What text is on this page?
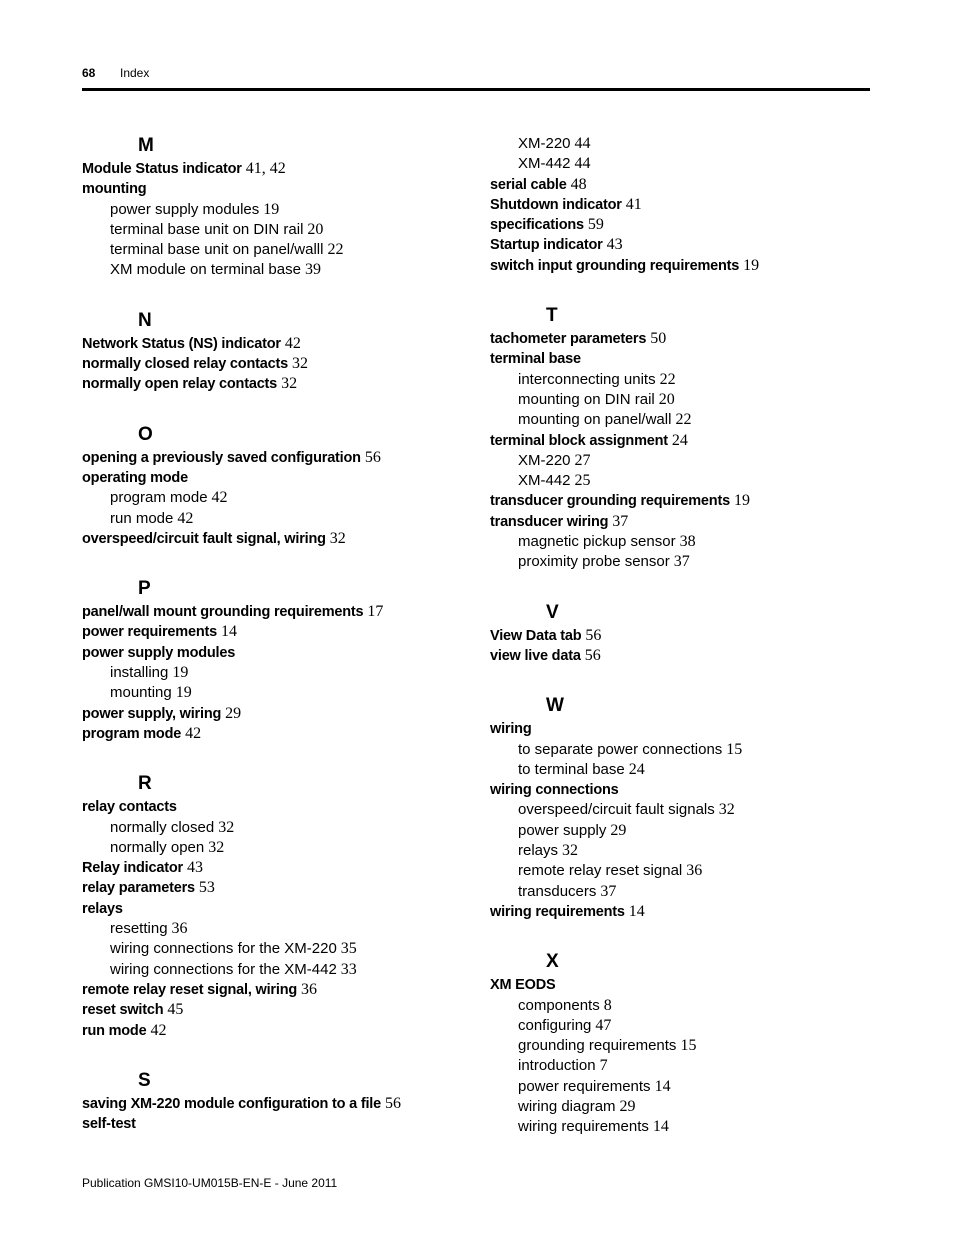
68 Index
M
Module Status indicator 41, 42
mounting
power supply modules 19
terminal base unit on DIN rail 20
terminal base unit on panel/walll 22
XM module on terminal base 39
N
Network Status (NS) indicator 42
normally closed relay contacts 32
normally open relay contacts 32
O
opening a previously saved configuration 56
operating mode
program mode 42
run mode 42
overspeed/circuit fault signal, wiring 32
P
panel/wall mount grounding requirements 17
power requirements 14
power supply modules
installing 19
mounting 19
power supply, wiring 29
program mode 42
R
relay contacts
normally closed 32
normally open 32
Relay indicator 43
relay parameters 53
relays
resetting 36
wiring connections for the XM-220 35
wiring connections for the XM-442 33
remote relay reset signal, wiring 36
reset switch 45
run mode 42
S
saving XM-220 module configuration to a file 56
self-test
XM-220 44
XM-442 44
serial cable 48
Shutdown indicator 41
specifications 59
Startup indicator 43
switch input grounding requirements 19
T
tachometer parameters 50
terminal base
interconnecting units 22
mounting on DIN rail 20
mounting on panel/wall 22
terminal block assignment 24
XM-220 27
XM-442 25
transducer grounding requirements 19
transducer wiring 37
magnetic pickup sensor 38
proximity probe sensor 37
V
View Data tab 56
view live data 56
W
wiring
to separate power connections 15
to terminal base 24
wiring connections
overspeed/circuit fault signals 32
power supply 29
relays 32
remote relay reset signal 36
transducers 37
wiring requirements 14
X
XM EODS
components 8
configuring 47
grounding requirements 15
introduction 7
power requirements 14
wiring diagram 29
wiring requirements 14
Publication GMSI10-UM015B-EN-E - June 2011
